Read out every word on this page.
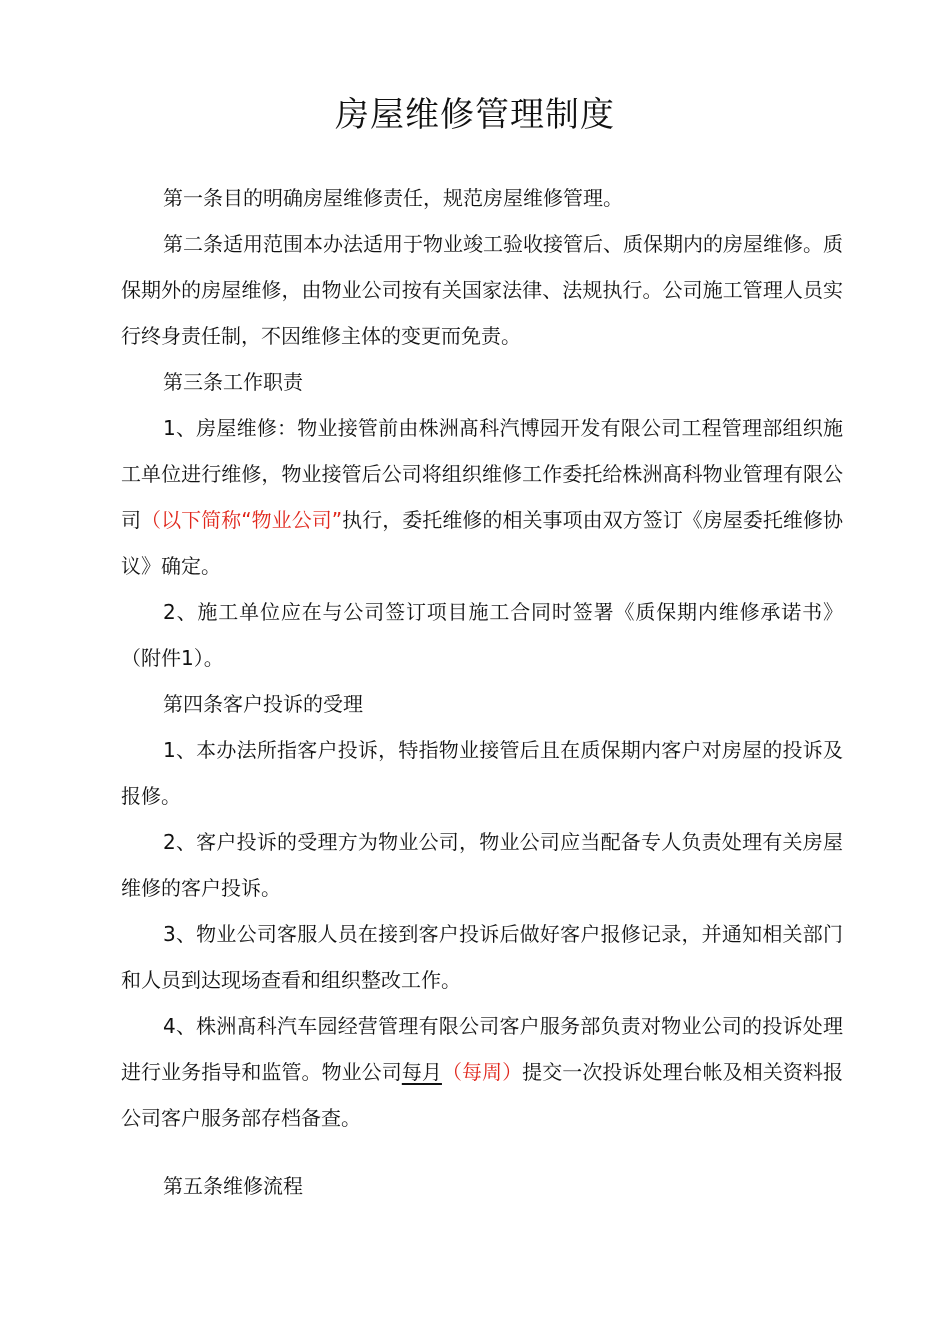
房屋维修管理制度

第一条目的明确房屋维修责任，规范房屋维修管理。

第二条适用范围本办法适用于物业竣工验收接管后、质保期内的房屋维修。质保期外的房屋维修，由物业公司按有关国家法律、法规执行。公司施工管理人员实行终身责任制，不因维修主体的变更而免责。

第三条工作职责

1、房屋维修：物业接管前由株洲髙科汽博园开发有限公司工程管理部组织施工单位进行维修，物业接管后公司将组织维修工作委托给株洲髙科物业管理有限公司（以下简称“物业公司”执行，委托维修的相关事项由双方签订《房屋委托维修协议》确定。

2、施工单位应在与公司签订项目施工合同时签署《质保期内维修承诺书》（附件1）。

第四条客户投诉的受理

1、本办法所指客户投诉，特指物业接管后且在质保期内客户对房屋的投诉及报修。

2、客户投诉的受理方为物业公司，物业公司应当配备专人负责处理有关房屋维修的客户投诉。

3、物业公司客服人员在接到客户投诉后做好客户报修记录，并通知相关部门和人员到达现场查看和组织整改工作。

4、株洲髙科汽车园经营管理有限公司客户服务部负责对物业公司的投诉处理进行业务指导和监管。物业公司每月（每周）提交一次投诉处理台帐及相关资料报公司客户服务部存档备查。

第五条维修流程
